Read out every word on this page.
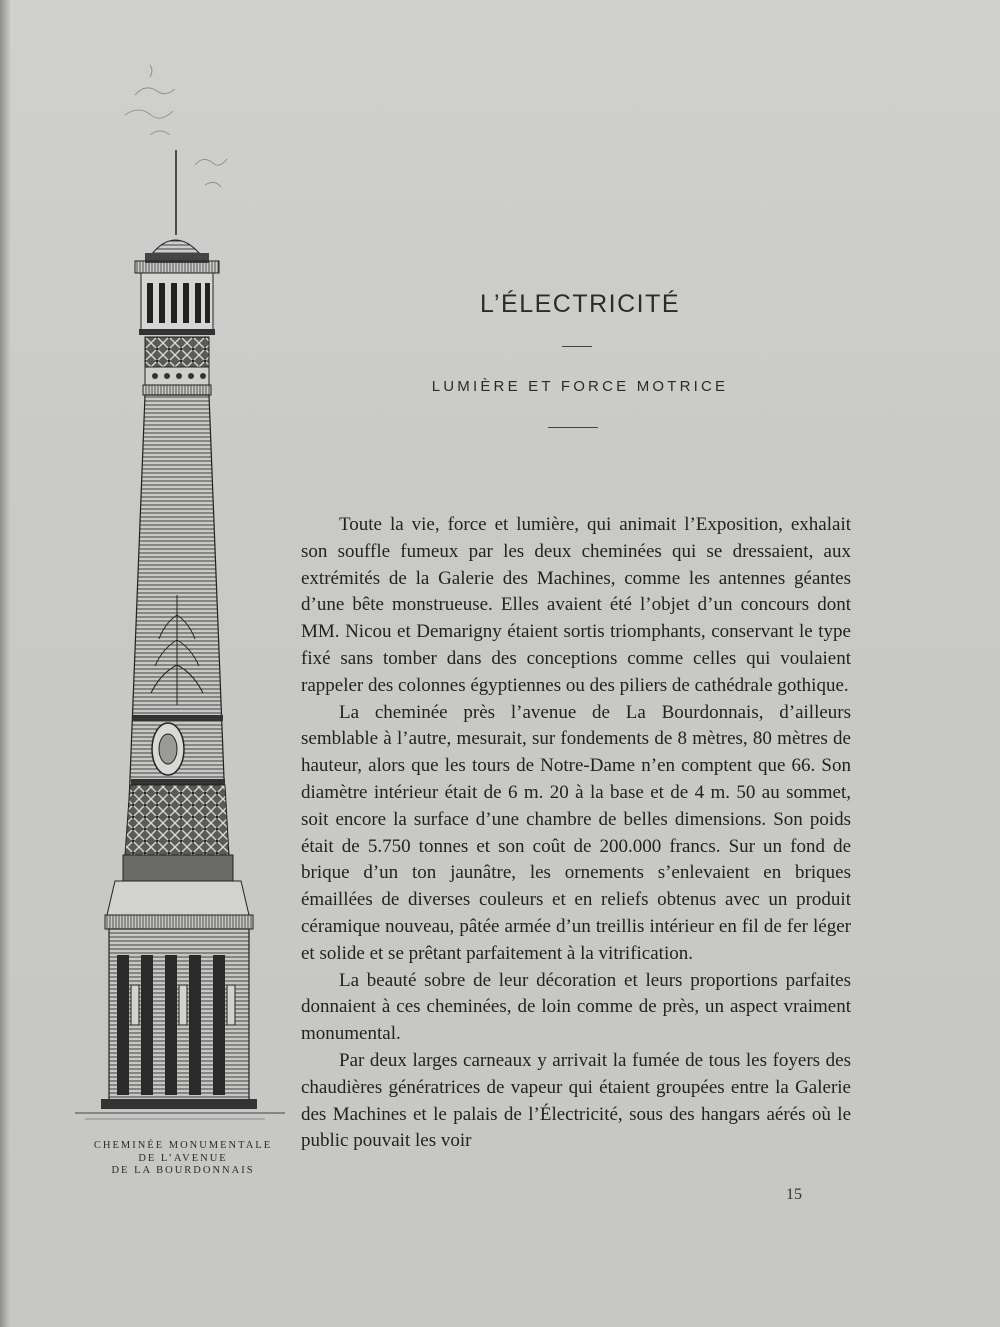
CHEMINÉE MONUMENTALE
DE L’AVENUE
DE LA BOURDONNAIS
L’ÉLECTRICITÉ
LUMIÈRE ET FORCE MOTRICE

Toute la vie, force et lumière, qui animait l’Exposition, exhalait son souffle fumeux par les deux cheminées qui se dressaient, aux extrémités de la Galerie des Machines, comme les antennes géantes d’une bête monstrueuse. Elles avaient été l’objet d’un concours dont MM. Nicou et Demarigny étaient sortis triomphants, conservant le type fixé sans tomber dans des conceptions comme celles qui voulaient rappeler des colonnes égyptiennes ou des piliers de cathédrale gothique.

La cheminée près l’avenue de La Bourdonnais, d’ailleurs semblable à l’autre, mesurait, sur fondements de 8 mètres, 80 mètres de hauteur, alors que les tours de Notre-Dame n’en comptent que 66. Son diamètre intérieur était de 6 m. 20 à la base et de 4 m. 50 au sommet, soit encore la surface d’une chambre de belles dimensions. Son poids était de 5.750 tonnes et son coût de 200.000 francs. Sur un fond de brique d’un ton jaunâtre, les ornements s’enlevaient en briques émaillées de diverses couleurs et en reliefs obtenus avec un produit céramique nouveau, pâtée armée d’un treillis intérieur en fil de fer léger et solide et se prêtant parfaitement à la vitrification.

La beauté sobre de leur décoration et leurs proportions parfaites donnaient à ces cheminées, de loin comme de près, un aspect vraiment monumental.

Par deux larges carneaux y arrivait la fumée de tous les foyers des chaudières génératrices de vapeur qui étaient groupées entre la Galerie des Machines et le palais de l’Électricité, sous des hangars aérés où le public pouvait les voir

15
